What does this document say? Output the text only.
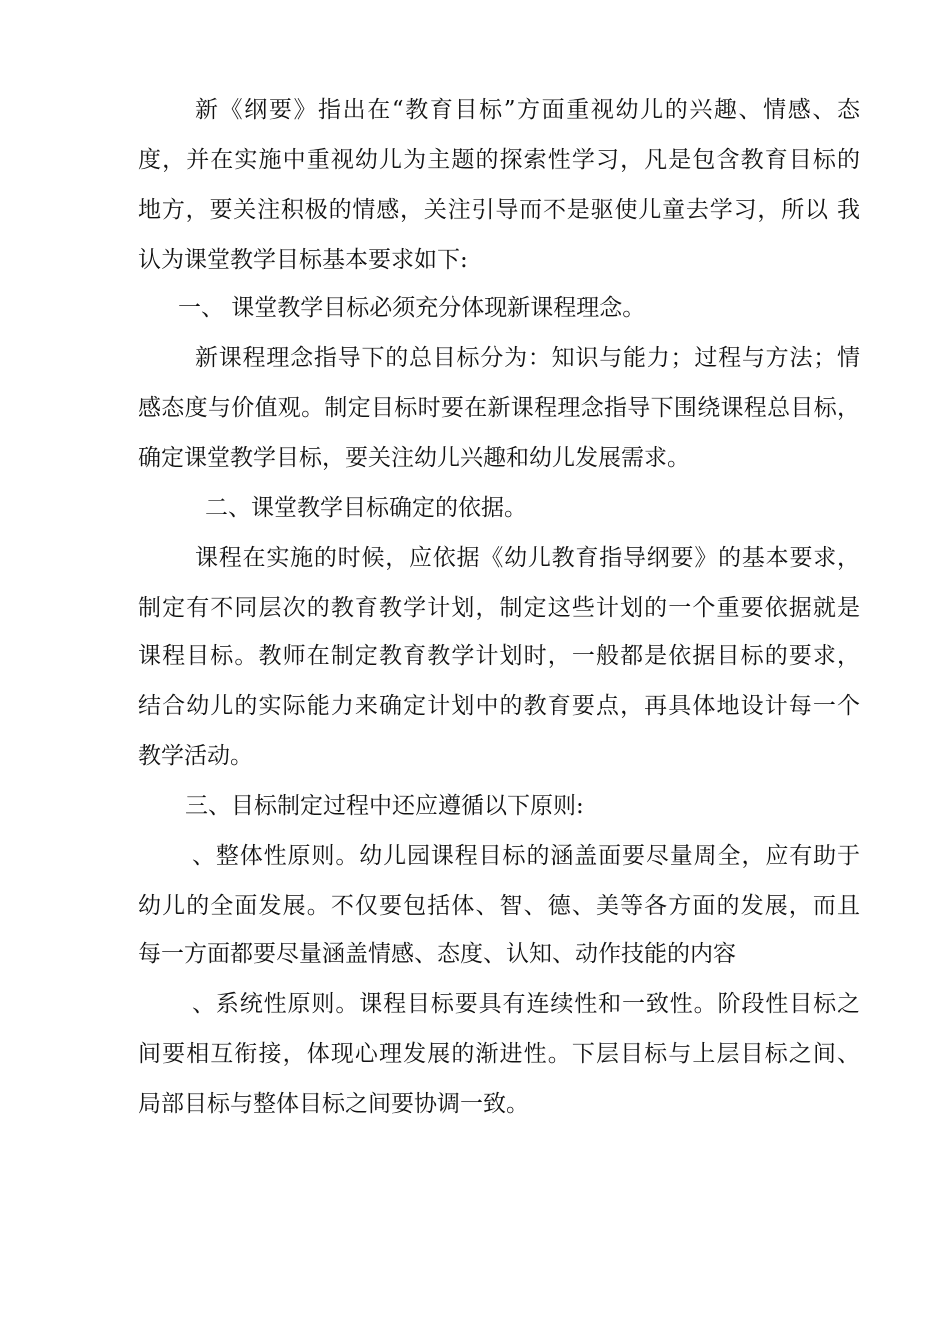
新《纲要》指出在“教育目标”方面重视幼儿的兴趣、情感、态
度，并在实施中重视幼儿为主题的探索性学习，凡是包含教育目标的
地方，要关注积极的情感，关注引导而不是驱使儿童去学习，所以 我
认为课堂教学目标基本要求如下:
一、 课堂教学目标必须充分体现新课程理念。
新课程理念指导下的总目标分为：知识与能力；过程与方法；情
感态度与价值观。制定目标时要在新课程理念指导下围绕课程总目标，
确定课堂教学目标，要关注幼儿兴趣和幼儿发展需求。
二、课堂教学目标确定的依据。
课程在实施的时候，应依据《幼儿教育指导纲要》的基本要求，
制定有不同层次的教育教学计划，制定这些计划的一个重要依据就是
课程目标。教师在制定教育教学计划时，一般都是依据目标的要求，
结合幼儿的实际能力来确定计划中的教育要点，再具体地设计每一个
教学活动。
三、目标制定过程中还应遵循以下原则:
、整体性原则。幼儿园课程目标的涵盖面要尽量周全，应有助于
幼儿的全面发展。不仅要包括体、智、德、美等各方面的发展，而且
每一方面都要尽量涵盖情感、态度、认知、动作技能的内容
、系统性原则。课程目标要具有连续性和一致性。阶段性目标之
间要相互衔接，体现心理发展的渐进性。下层目标与上层目标之间、
局部目标与整体目标之间要协调一致。
